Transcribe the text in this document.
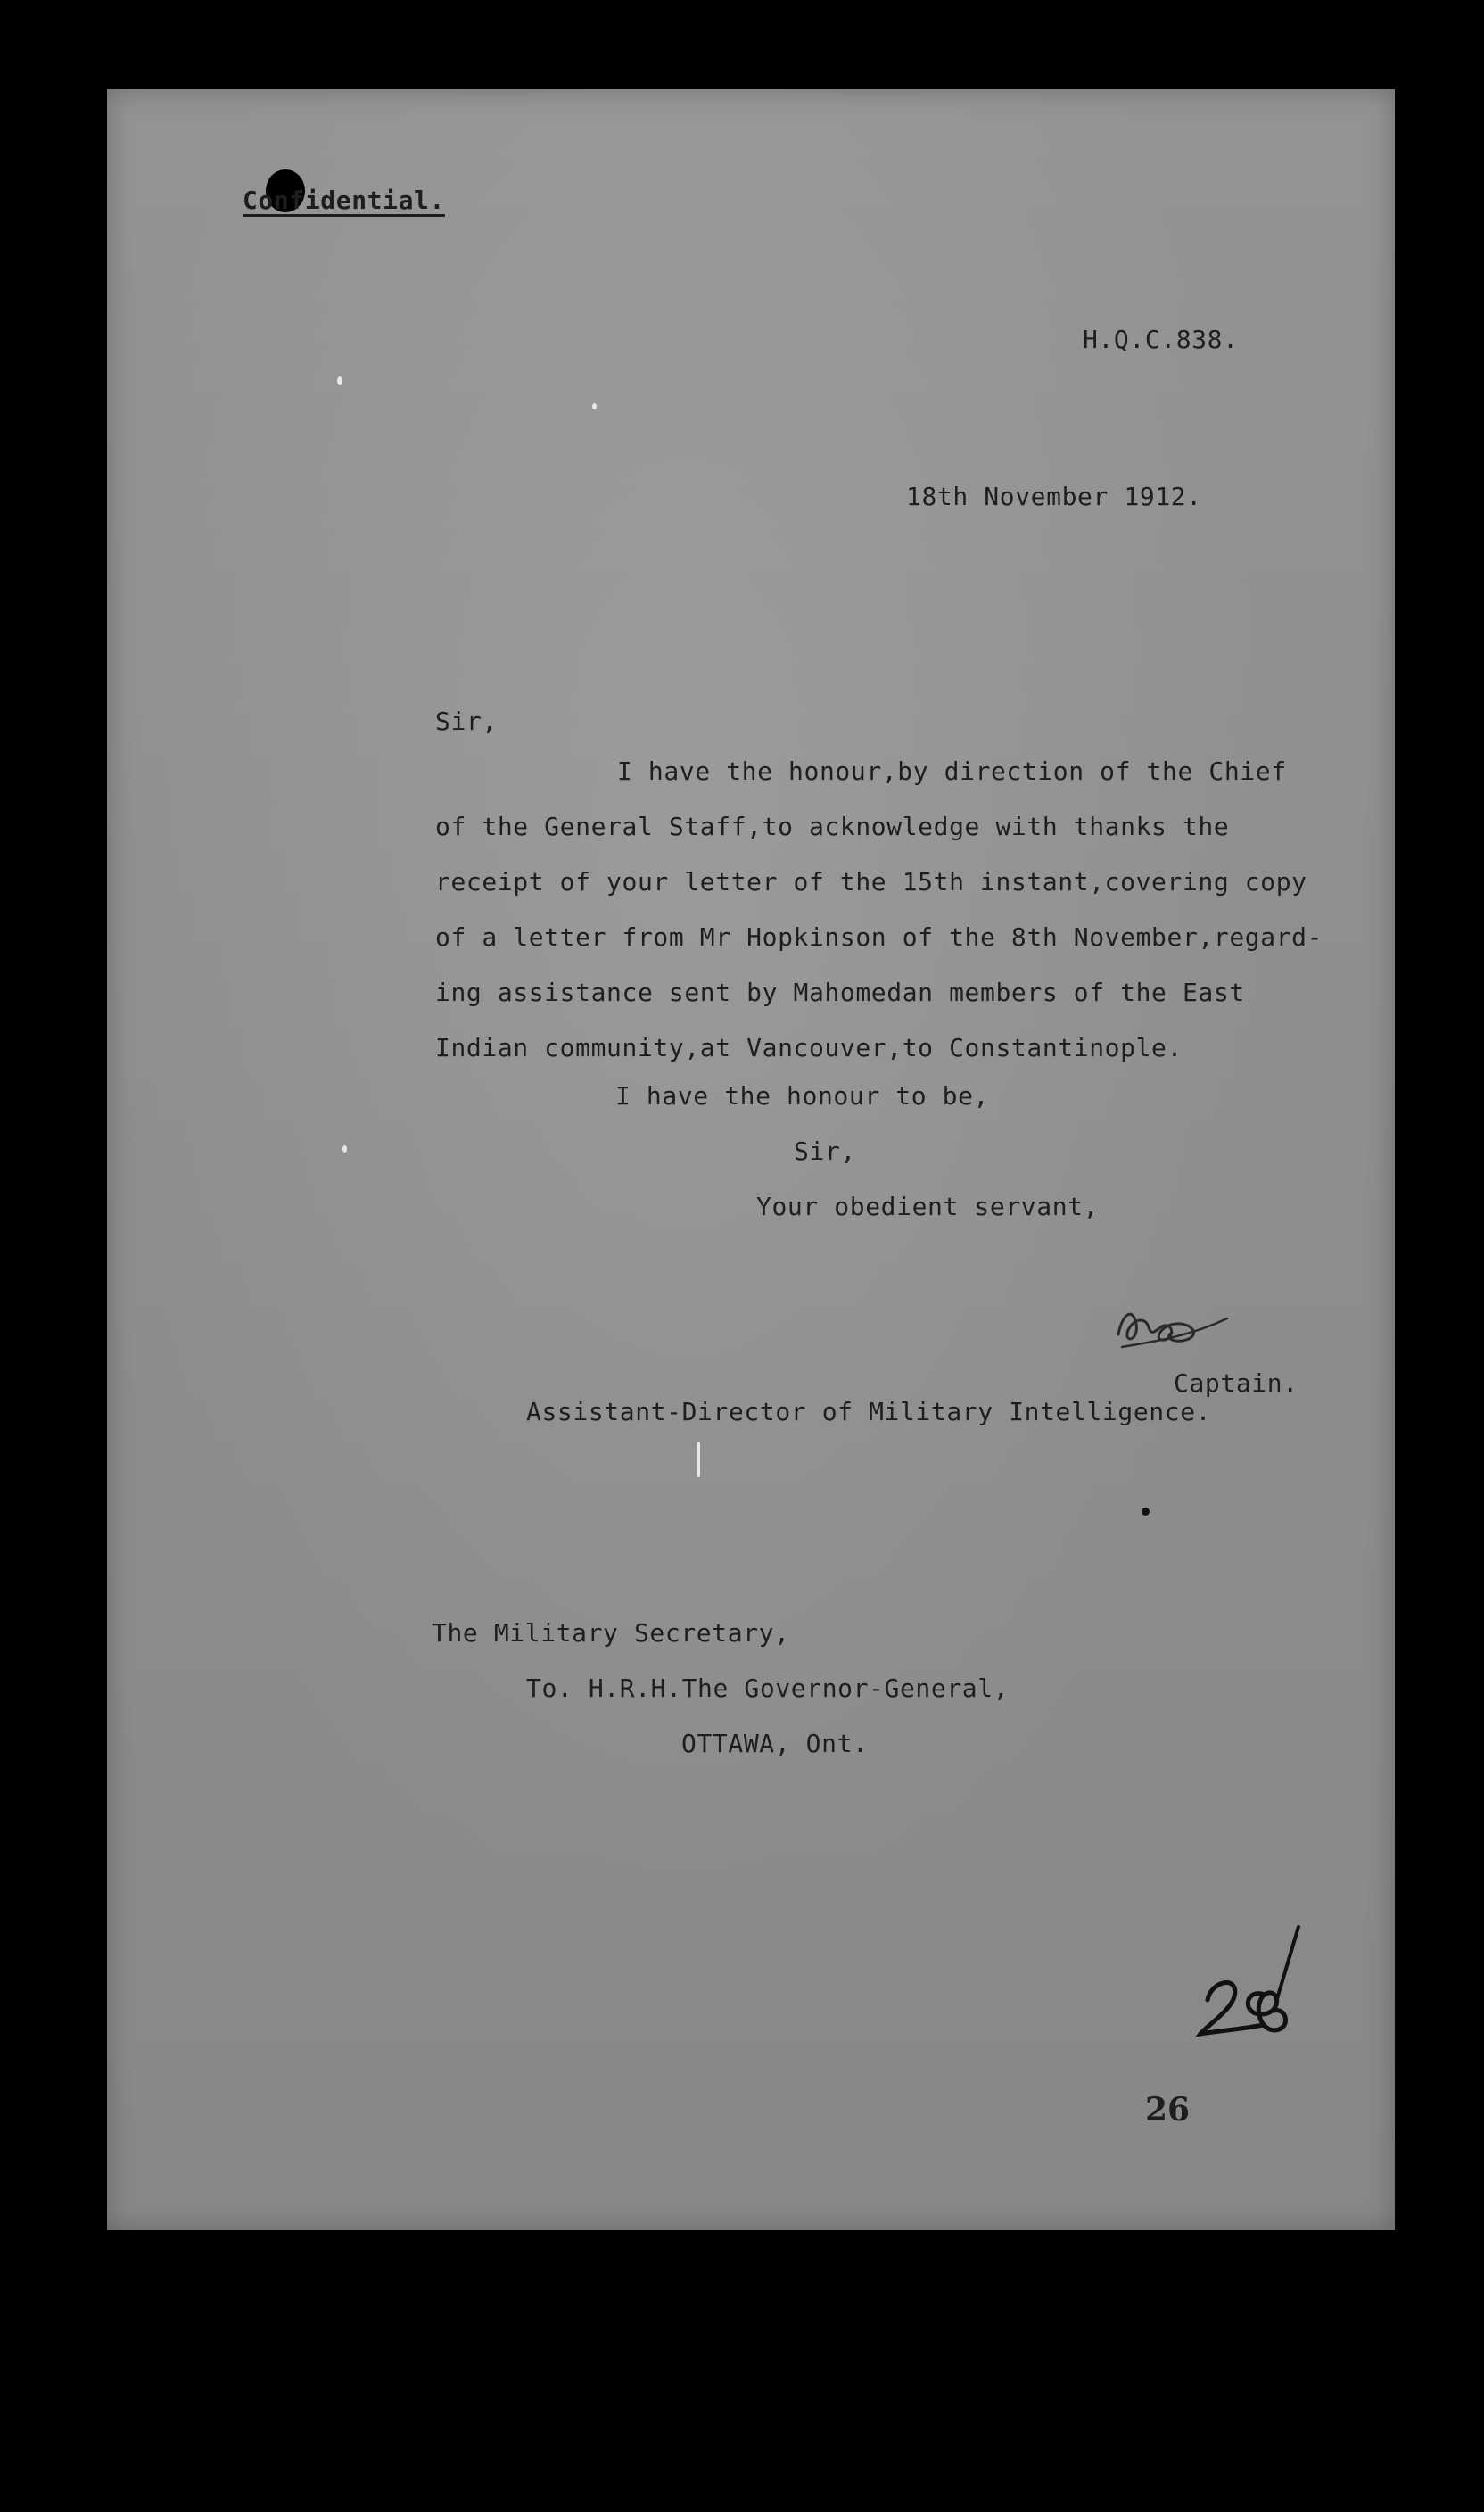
Confidential.
H.Q.C.838.
18th November 1912.
Sir,
I have the honour,by direction of the Chief
of the General Staff,to acknowledge with thanks the
receipt of your letter of the 15th instant,covering copy
of a letter from Mr Hopkinson of the 8th November,regard-
ing assistance sent by Mahomedan members of the East
Indian community,at Vancouver,to Constantinople.
I have the honour to be,
Sir,
Your obedient servant,
Captain.
Assistant-Director of Military Intelligence.
The Military Secretary,
To. H.R.H.The Governor-General,
OTTAWA, Ont.
26
